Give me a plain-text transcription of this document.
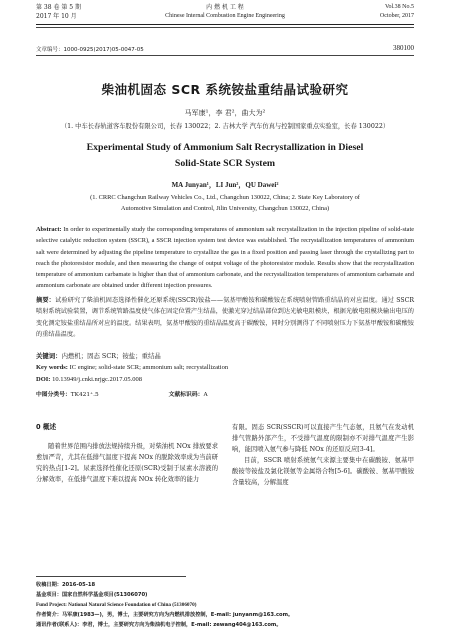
第 38 卷 第 5 期
2017 年 10 月
内 燃 机 工 程
Chinese Internal Combustion Engine Engineering
Vol.38 No.5
October, 2017
文章编号：1000-0925(2017)05-0047-05	380100
柴油机固态 SCR 系统铵盐重结晶试验研究
马军康¹，李 君²，曲大为²
（1. 中车长春轨道客车股份有限公司，长春 130022；2. 吉林大学 汽车仿真与控制国家重点实验室，长春 130022）
Experimental Study of Ammonium Salt Recrystallization in Diesel
Solid-State SCR System
MA Junyan¹，LI Jun²，QU Dawei²
(1. CRRC Changchun Railway Vehicles Co., Ltd., Changchun 130022, China; 2. State Key Laboratory of
Automotive Simulation and Control, Jilin University, Changchun 130022, China)
Abstract: In order to experimentally study the corresponding temperatures of ammonium salt recrystallization in the injection pipeline of solid-state selective catalytic reduction system (SSCR), a SSCR injection system test device was established. The recrystallization temperatures of ammonium salt were determined by adjusting the pipeline temperature to crystallize the gas in a fixed position and passing laser through the crystallizing part to reach the photoresistor module, and then measuring the change of output voltage of the photoresistor module. Results show that the recrystallization temperature of ammonium carbamate is higher than that of ammonium carbonate, and the recrystallization temperatures of ammonium carbamate and ammonium carbonate are obtained under different injection pressures.
摘要：试验研究了柴油机固态选择性催化还原系统(SSCR)铵盐——氨基甲酸铵和碳酸铵在系统喷射管路重结晶的对应温度。通过 SSCR 喷射系统试验装置，调节系统管路温度使气体在固定位置产生结晶，使激光穿过结晶部位到达光敏电阻模块，根据光敏电阻模块输出电压的变化测定铵盐重结晶所对应的温度。结果表明，氨基甲酸铵的重结晶温度高于碳酸铵，同时分别测得了不同喷射压力下氨基甲酸铵和碳酸铵的重结晶温度。
关键词：内燃机；固态 SCR；铵盐；重结晶
Key words: IC engine; solid-state SCR; ammonium salt; recrystallization
DOI: 10.13949/j.cnki.nrjgc.2017.05.008
中图分类号：TK421⁺.5	文献标识码：A
0 概述

随着世界范围内排放法规持续升级，对柴油机 NOx 排放要求愈加严苛，尤其在低排气温度下提高 NOx 的脱除效率成为当前研究的热点[1-2]。尿素选择性催化还原(SCR)受制于尿素水溶液的分解效率，在低排气温度下难以提高 NOx 转化效率的能力

有限。固态 SCR(SSCR)可以直接产生气态氨，且氨气在发动机排气管路外部产生，不受排气温度的限制亦不对排气温度产生影响，能因喷入氨气参与降低 NOx 的还原反应[3-4]。

目前，SSCR 喷射系统氨气来源主要集中在碳酸铵、氨基甲酸铵等铵盐及氯化镁氨等金属络合物[5-6]。碳酸铵、氨基甲酸铵含量较高，分解温度

收稿日期：2016-05-18
基金项目：国家自然科学基金项目(51306070)
Fund Project: National Natural Science Foundation of China (51306070)
作者简介：马军康(1983—)，男，博士，主要研究方向为内燃机排放控制，E-mail: junyanm@163.com。
通讯作者(联系人)：李君，博士，主要研究方向为柴油机电子控制，E-mail: zewang404@163.com。
